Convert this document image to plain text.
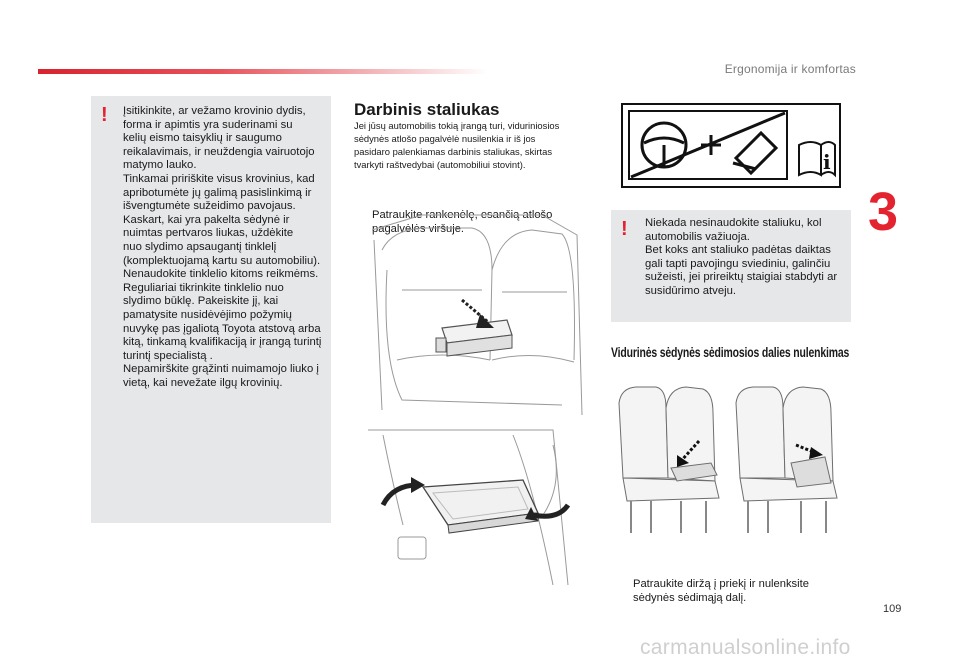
Ergonomija ir komfortas
3
! Įsitikinkite, ar vežamo krovinio dydis,
forma ir apimtis yra suderinami su
kelių eismo taisyklių ir saugumo
reikalavimais, ir neuždengia vairuotojo
matymo lauko.
Tinkamai pririškite visus krovinius, kad
apribotumėte jų galimą pasislinkimą ir
išvengtumėte sužeidimo pavojaus.
Kaskart, kai yra pakelta sėdynė ir
nuimtas pertvaros liukas, uždėkite
nuo slydimo apsaugantį tinklelį
(komplektuojamą kartu su automobiliu).
Nenaudokite tinklelio kitoms reikmėms.
Reguliariai tikrinkite tinklelio nuo
slydimo būklę. Pakeiskite jį, kai
pamatysite nusidėvėjimo požymių
nuvykę pas įgaliotą Toyota atstovą arba
kitą, tinkamą kvalifikaciją ir įrangą turintį
turintį specialistą .
Nepamirškite grąžinti nuimamojo liuko į
vietą, kai nevežate ilgų krovinių.
Darbinis staliukas
Jei jūsų automobilis tokią įrangą turi, viduriniosios
sėdynės atlošo pagalvėlė nusilenkia ir iš jos
pasidaro palenkiamas darbinis staliukas, skirtas
tvarkyti raštvedybai (automobiliui stovint).

Patraukite rankenėlę, esančią atlošo
pagalvėlės viršuje.

i
! Niekada nesinaudokite staliuku, kol
automobilis važiuoja.
Bet koks ant staliuko padėtas daiktas
gali tapti pavojingu sviediniu, galinčiu
sužeisti, jei prireiktų staigiai stabdyti ar
susidūrimo atveju.
Vidurinės sėdynės sėdimosios dalies nulenkimas

Patraukite diržą į priekį ir nulenksite
sėdynės sėdimąją dalį.

109
carmanualsonline.info
